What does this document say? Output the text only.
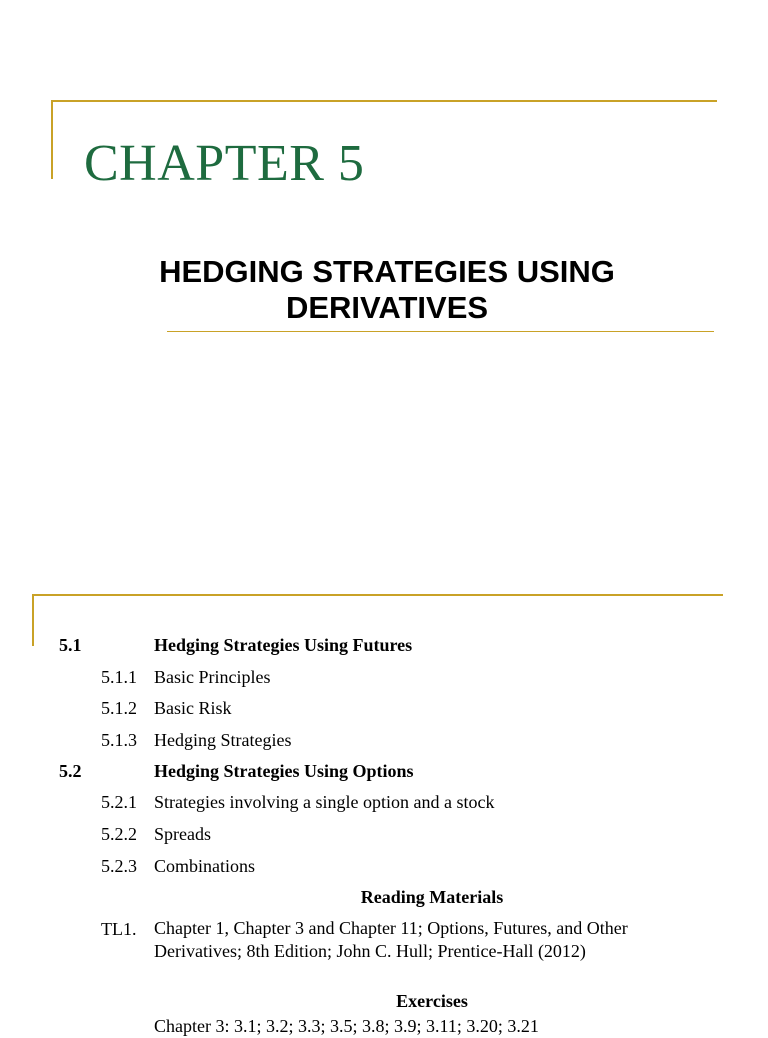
CHAPTER 5
HEDGING STRATEGIES USING
DERIVATIVES
5.1	Hedging Strategies Using Futures
5.1.1 Basic Principles
5.1.2 Basic Risk
5.1.3 Hedging Strategies
5.2	Hedging Strategies Using Options
5.2.1 Strategies involving a single option and a stock
5.2.2 Spreads
5.2.3 Combinations
Reading Materials
TL1. Chapter 1, Chapter 3 and Chapter 11; Options, Futures, and Other Derivatives; 8th Edition; John C. Hull; Prentice-Hall (2012)
Exercises
Chapter 3: 3.1; 3.2; 3.3; 3.5; 3.8; 3.9; 3.11; 3.20; 3.21
